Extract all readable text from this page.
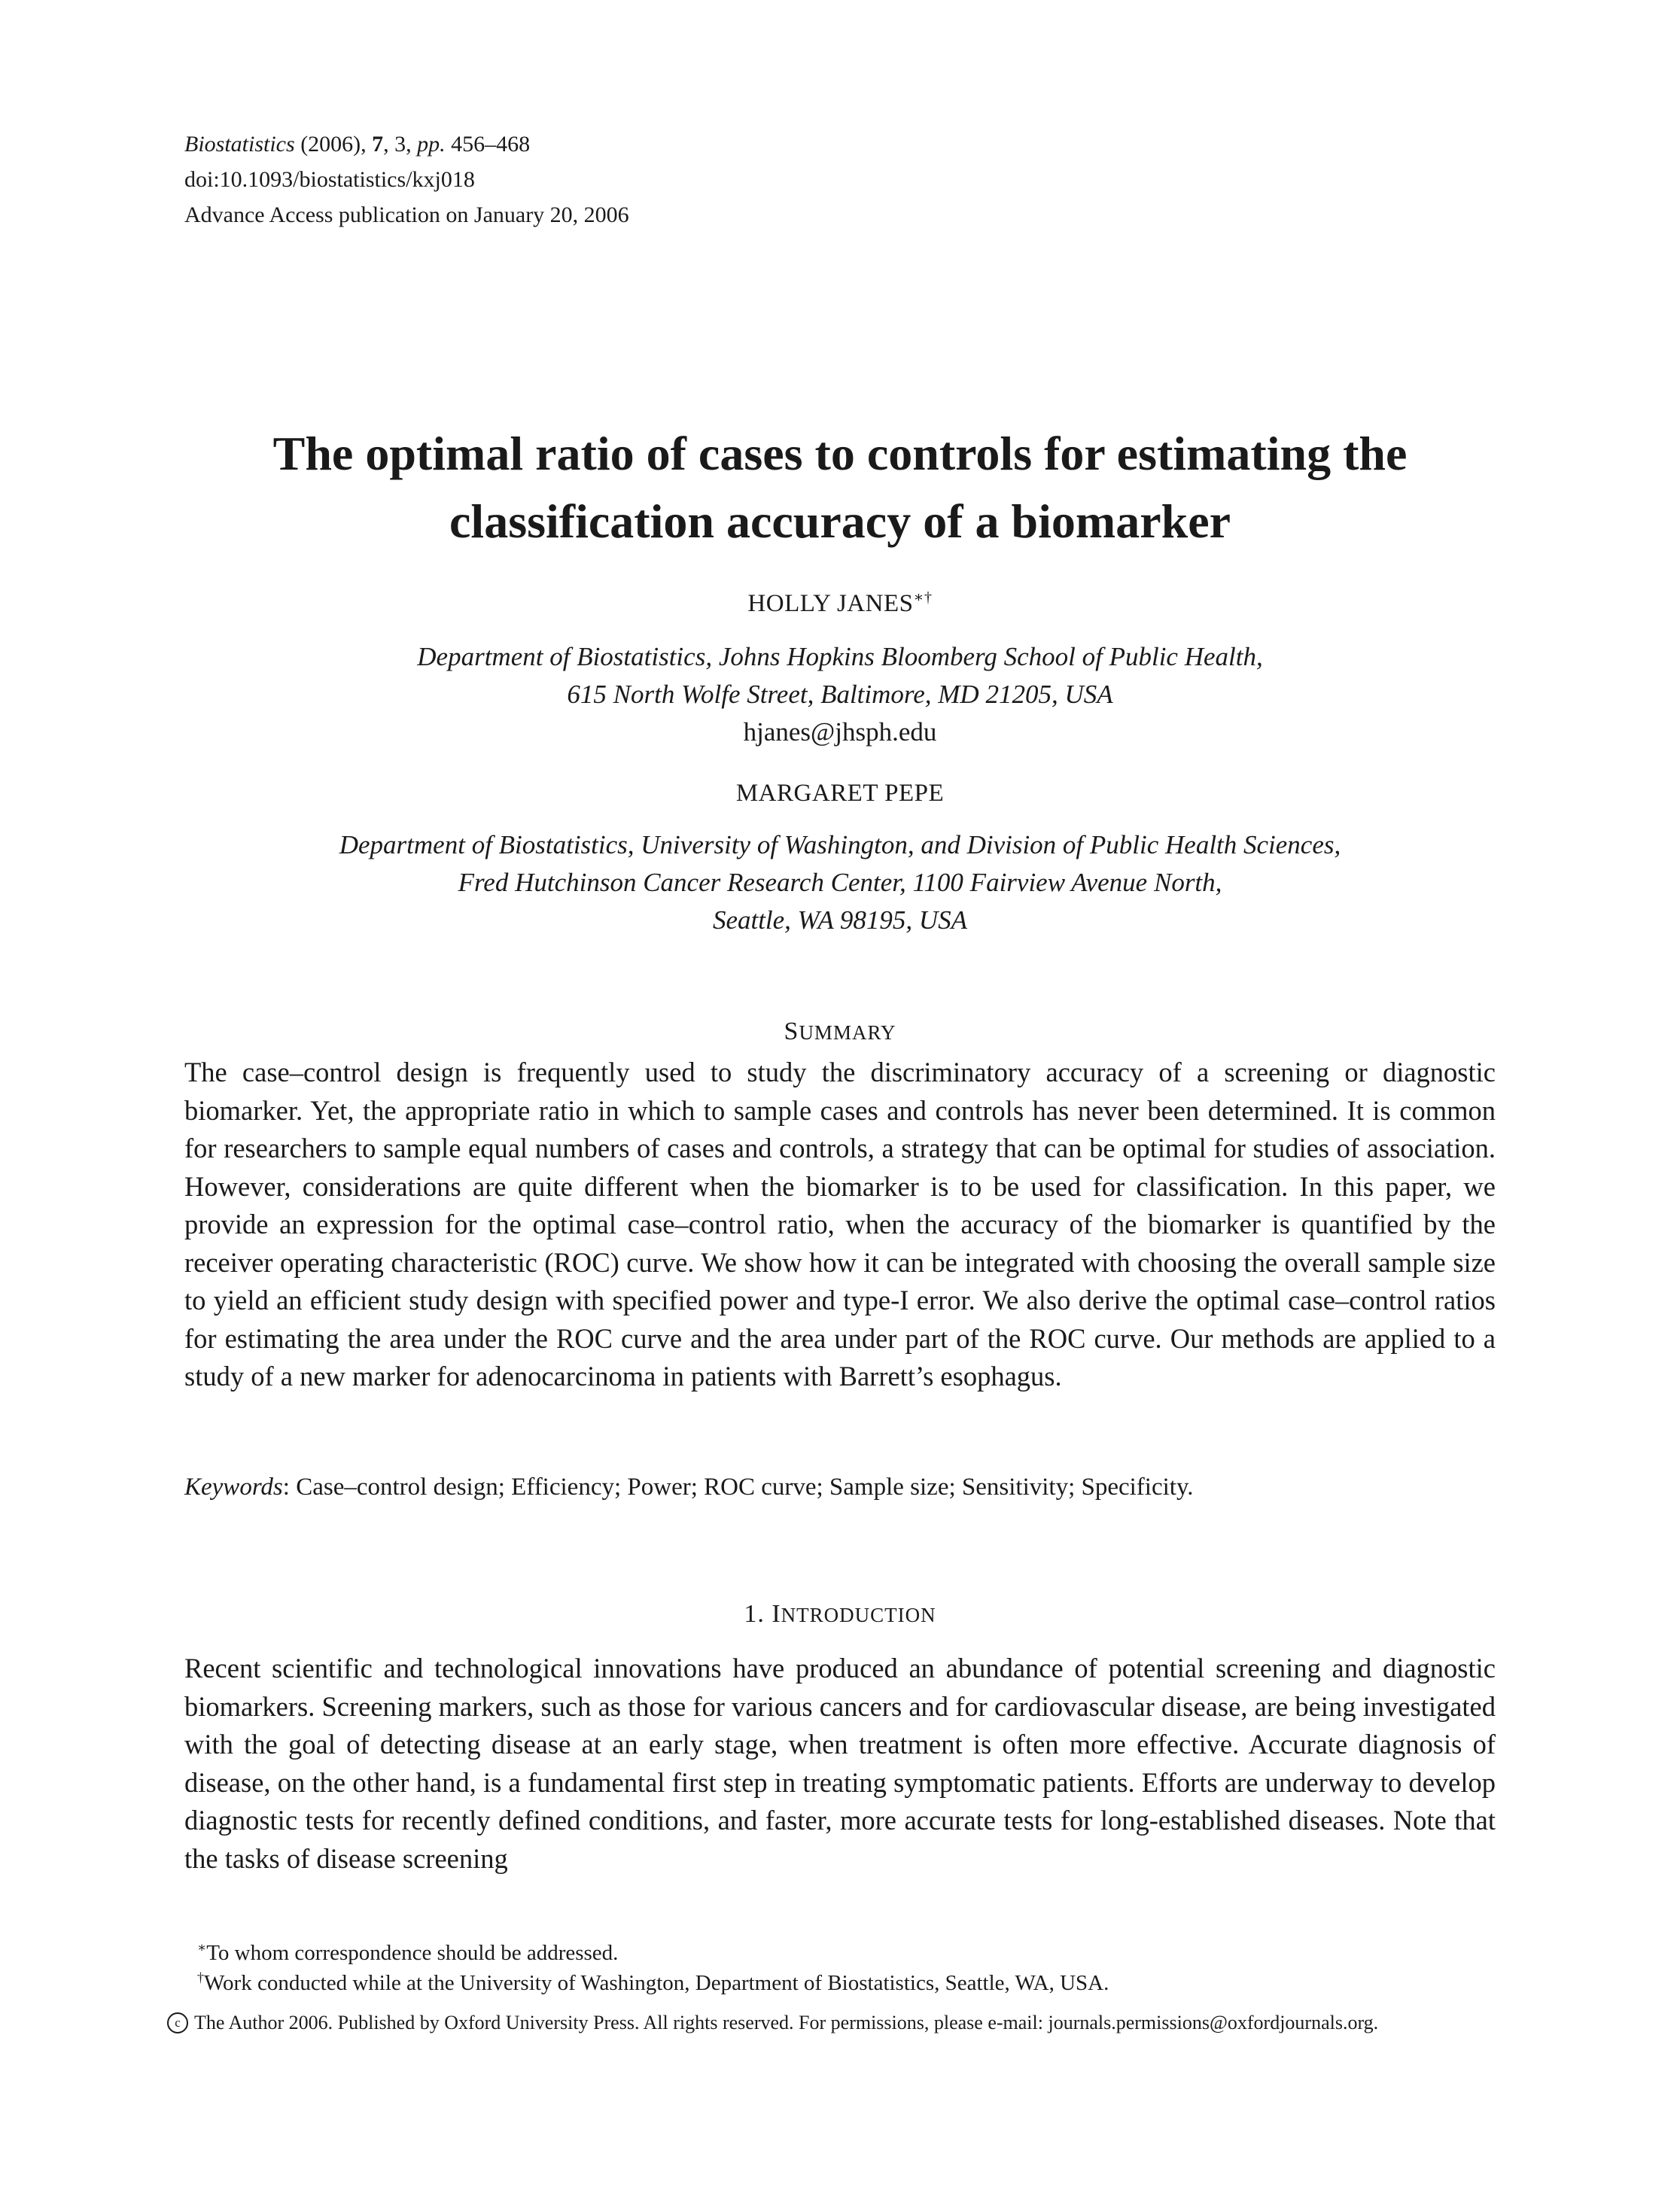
Biostatistics (2006), 7, 3, pp. 456–468
doi:10.1093/biostatistics/kxj018
Advance Access publication on January 20, 2006
The optimal ratio of cases to controls for estimating the
classification accuracy of a biomarker
HOLLY JANES∗†
Department of Biostatistics, Johns Hopkins Bloomberg School of Public Health,
615 North Wolfe Street, Baltimore, MD 21205, USA
hjanes@jhsph.edu
MARGARET PEPE
Department of Biostatistics, University of Washington, and Division of Public Health Sciences,
Fred Hutchinson Cancer Research Center, 1100 Fairview Avenue North,
Seattle, WA 98195, USA
SUMMARY
The case–control design is frequently used to study the discriminatory accuracy of a screening or diagnostic biomarker. Yet, the appropriate ratio in which to sample cases and controls has never been determined. It is common for researchers to sample equal numbers of cases and controls, a strategy that can be optimal for studies of association. However, considerations are quite different when the biomarker is to be used for classification. In this paper, we provide an expression for the optimal case–control ratio, when the accuracy of the biomarker is quantified by the receiver operating characteristic (ROC) curve. We show how it can be integrated with choosing the overall sample size to yield an efficient study design with specified power and type-I error. We also derive the optimal case–control ratios for estimating the area under the ROC curve and the area under part of the ROC curve. Our methods are applied to a study of a new marker for adenocarcinoma in patients with Barrett’s esophagus.
Keywords: Case–control design; Efficiency; Power; ROC curve; Sample size; Sensitivity; Specificity.
1. INTRODUCTION
Recent scientific and technological innovations have produced an abundance of potential screening and diagnostic biomarkers. Screening markers, such as those for various cancers and for cardiovascular disease, are being investigated with the goal of detecting disease at an early stage, when treatment is often more effective. Accurate diagnosis of disease, on the other hand, is a fundamental first step in treating symptomatic patients. Efforts are underway to develop diagnostic tests for recently defined conditions, and faster, more accurate tests for long-established diseases. Note that the tasks of disease screening
∗To whom correspondence should be addressed.
†Work conducted while at the University of Washington, Department of Biostatistics, Seattle, WA, USA.
c The Author 2006. Published by Oxford University Press. All rights reserved. For permissions, please e-mail: journals.permissions@oxfordjournals.org.
